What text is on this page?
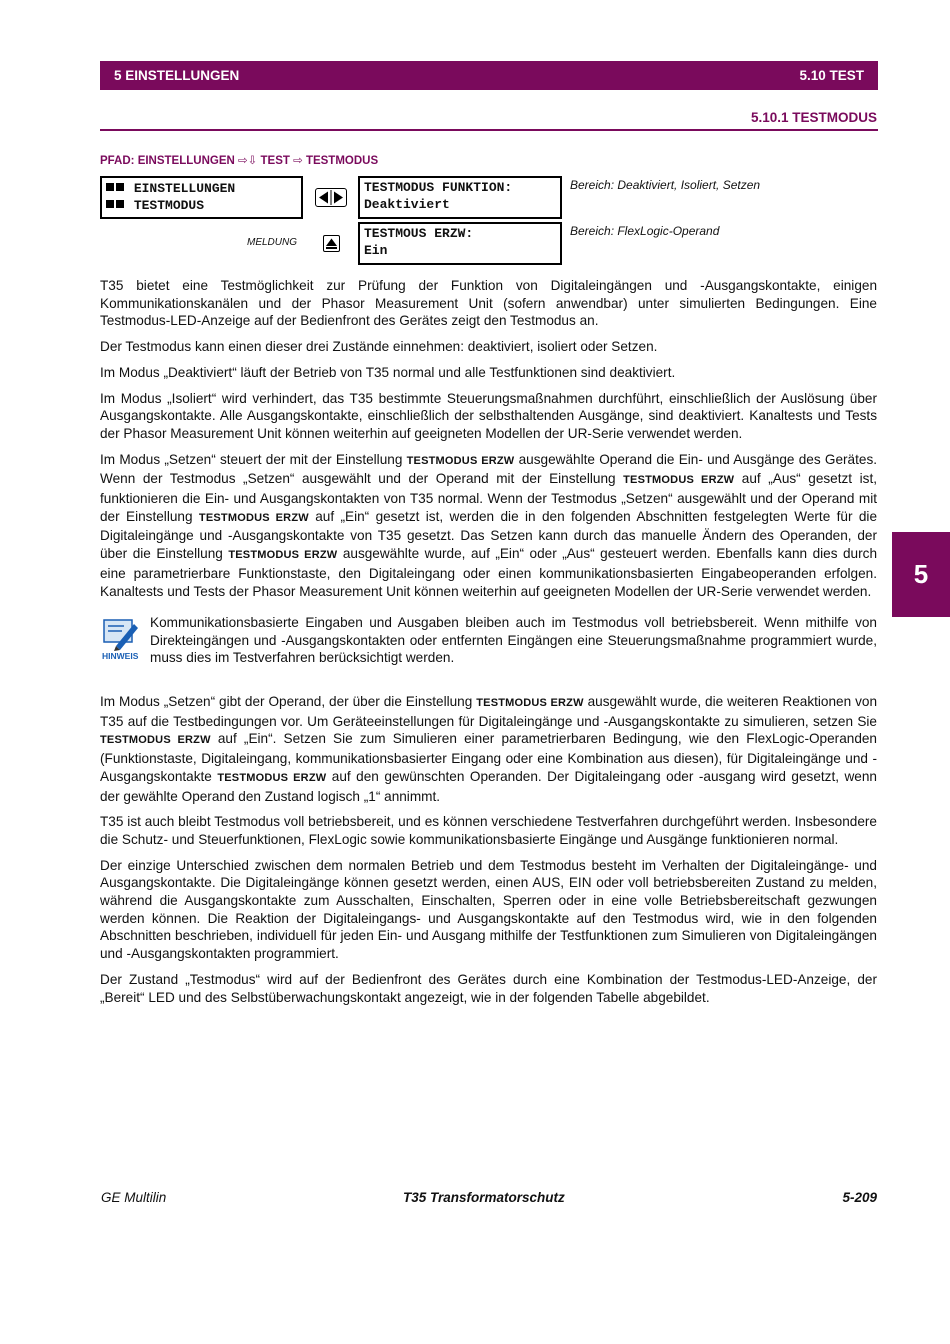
5 EINSTELLUNGEN	5.10 TEST
5.10.1 TESTMODUS
PFAD: EINSTELLUNGEN ⇨⇩ TEST ⇨ TESTMODUS
EINSTELLUNGEN
TESTMODUS
TESTMODUS FUNKTION:
Deaktiviert
Bereich: Deaktiviert, Isoliert, Setzen
MELDUNG
TESTMOUS ERZW:
Ein
Bereich: FlexLogic-Operand

T35 bietet eine Testmöglichkeit zur Prüfung der Funktion von Digitaleingängen und -Ausgangskontakte, einigen Kommunikationskanälen und der Phasor Measurement Unit (sofern anwendbar) unter simulierten Bedingungen. Eine Testmodus-LED-Anzeige auf der Bedienfront des Gerätes zeigt den Testmodus an.

Der Testmodus kann einen dieser drei Zustände einnehmen: deaktiviert, isoliert oder Setzen.

Im Modus „Deaktiviert“ läuft der Betrieb von T35 normal und alle Testfunktionen sind deaktiviert.

Im Modus „Isoliert“ wird verhindert, das T35 bestimmte Steuerungsmaßnahmen durchführt, einschließlich der Auslösung über Ausgangskontakte. Alle Ausgangskontakte, einschließlich der selbsthaltenden Ausgänge, sind deaktiviert. Kanaltests und Tests der Phasor Measurement Unit können weiterhin auf geeigneten Modellen der UR-Serie verwendet werden.

Im Modus „Setzen“ steuert der mit der Einstellung TESTMODUS ERZW ausgewählte Operand die Ein- und Ausgänge des Gerätes. Wenn der Testmodus „Setzen“ ausgewählt und der Operand mit der Einstellung TESTMODUS ERZW auf „Aus“ gesetzt ist, funktionieren die Ein- und Ausgangskontakten von T35 normal. Wenn der Testmodus „Setzen“ ausgewählt und der Operand mit der Einstellung TESTMODUS ERZW auf „Ein“ gesetzt ist, werden die in den folgenden Abschnitten festgelegten Werte für die Digitaleingänge und -Ausgangskontakte von T35 gesetzt. Das Setzen kann durch das manuelle Ändern des Operanden, der über die Einstellung TESTMODUS ERZW ausgewählte wurde, auf „Ein“ oder „Aus“ gesteuert werden. Ebenfalls kann dies durch eine parametrierbare Funktionstaste, den Digitaleingang oder einen kommunikationsbasierten Eingabeoperanden erfolgen. Kanaltests und Tests der Phasor Measurement Unit können weiterhin auf geeigneten Modellen der UR-Serie verwendet werden.

HINWEIS
Kommunikationsbasierte Eingaben und Ausgaben bleiben auch im Testmodus voll betriebsbereit. Wenn mithilfe von Direkteingängen und -Ausgangskontakten oder entfernten Eingängen eine Steuerungsmaßnahme programmiert wurde, muss dies im Testverfahren berücksichtigt werden.

Im Modus „Setzen“ gibt der Operand, der über die Einstellung TESTMODUS ERZW ausgewählt wurde, die weiteren Reaktionen von T35 auf die Testbedingungen vor. Um Geräteeinstellungen für Digitaleingänge und -Ausgangskontakte zu simulieren, setzen Sie TESTMODUS ERZW auf „Ein“. Setzen Sie zum Simulieren einer parametrierbaren Bedingung, wie den FlexLogic-Operanden (Funktionstaste, Digitaleingang, kommunikationsbasierter Eingang oder eine Kombination aus diesen), für Digitaleingänge und -Ausgangskontakte TESTMODUS ERZW auf den gewünschten Operanden. Der Digitaleingang oder -ausgang wird gesetzt, wenn der gewählte Operand den Zustand logisch „1“ annimmt.

T35 ist auch bleibt Testmodus voll betriebsbereit, und es können verschiedene Testverfahren durchgeführt werden. Insbesondere die Schutz- und Steuerfunktionen, FlexLogic sowie kommunikationsbasierte Eingänge und Ausgänge funktionieren normal.

Der einzige Unterschied zwischen dem normalen Betrieb und dem Testmodus besteht im Verhalten der Digitaleingänge- und Ausgangskontakte. Die Digitaleingänge können gesetzt werden, einen AUS, EIN oder voll betriebsbereiten Zustand zu melden, während die Ausgangskontakte zum Ausschalten, Einschalten, Sperren oder in eine volle Betriebsbereitschaft gezwungen werden können. Die Reaktion der Digitaleingangs- und Ausgangskontakte auf den Testmodus wird, wie in den folgenden Abschnitten beschrieben, individuell für jeden Ein- und Ausgang mithilfe der Testfunktionen zum Simulieren von Digitaleingängen und -Ausgangskontakten programmiert.

Der Zustand „Testmodus“ wird auf der Bedienfront des Gerätes durch eine Kombination der Testmodus-LED-Anzeige, der „Bereit“ LED und des Selbstüberwachungskontakt angezeigt, wie in der folgenden Tabelle abgebildet.

5
GE Multilin	T35 Transformatorschutz	5-209
